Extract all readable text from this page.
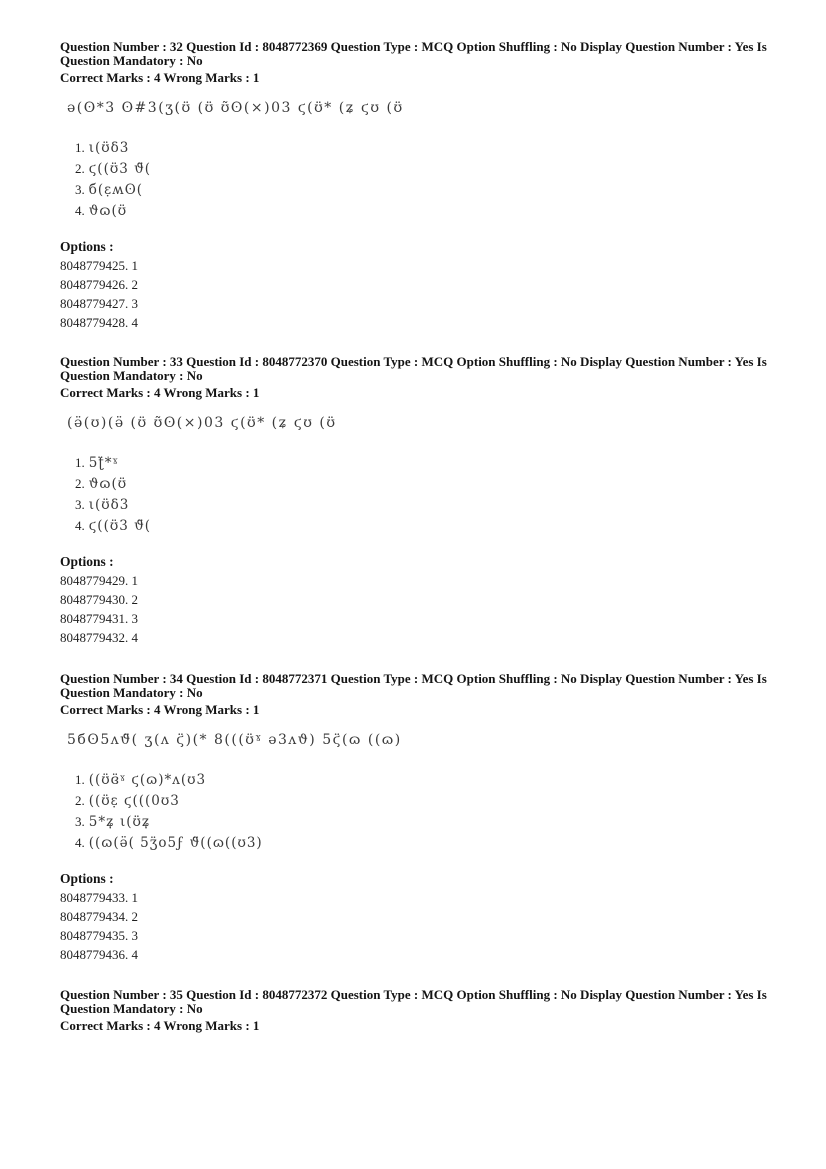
Question Number : 32 Question Id : 8048772369 Question Type : MCQ Option Shuffling : No Display Question Number : Yes Is
Question Mandatory : No
Correct Marks : 4 Wrong Marks : 1
ә(ʘ*3 ʘ#3(ӡ(ʊ̈ (ʊ̈ ʊ̃ʘ(×)03 ϛ(ʊ̈* (ʑ ϛʊ (ʊ̈
1. ι(ʊ̈δ3
2. ϛ((ʊ̈3 ϑ̈(
3. б(ɛ̣ʍʘ(
4. ϑɷ(ʊ̈
Options :
8048779425. 1
8048779426. 2
8048779427. 3
8048779428. 4
Question Number : 33 Question Id : 8048772370 Question Type : MCQ Option Shuffling : No Display Question Number : Yes Is
Question Mandatory : No
Correct Marks : 4 Wrong Marks : 1
(ӛ(ʊ)(ӛ (ʊ̈ ʊ̃ʘ(×)03 ϛ(ʊ̈* (ʑ ϛʊ (ʊ̈
1. 5ʈ̈*ˠ
2. ϑɷ(ʊ̈
3. ι(ʊ̈δ3
4. ϛ((ʊ̈3 ϑ̈(
Options :
8048779429. 1
8048779430. 2
8048779431. 3
8048779432. 4
Question Number : 34 Question Id : 8048772371 Question Type : MCQ Option Shuffling : No Display Question Number : Yes Is
Question Mandatory : No
Correct Marks : 4 Wrong Marks : 1
5бʘ5ʌϑ̈( ʒ(ʌ ϛ̈)(* 8(((ʊ̈ˠ ә3ʌϑ) 5ϛ̈(ɷ ((ɷ)
1. ((ʊ̈ɞ̈ˠ ϛ(ɷ)*ʌ(ʊ3
2. ((ʊ̈ɛ̣ ϛ(((0ʊ3
3. 5*ʑ̣ ι(ʊ̈ʑ̣
4. ((ɷ(ӛ( 5ʒ̈ο5ϝ ϑ̈((ɷ((ʊ3)
Options :
8048779433. 1
8048779434. 2
8048779435. 3
8048779436. 4
Question Number : 35 Question Id : 8048772372 Question Type : MCQ Option Shuffling : No Display Question Number : Yes Is
Question Mandatory : No
Correct Marks : 4 Wrong Marks : 1
